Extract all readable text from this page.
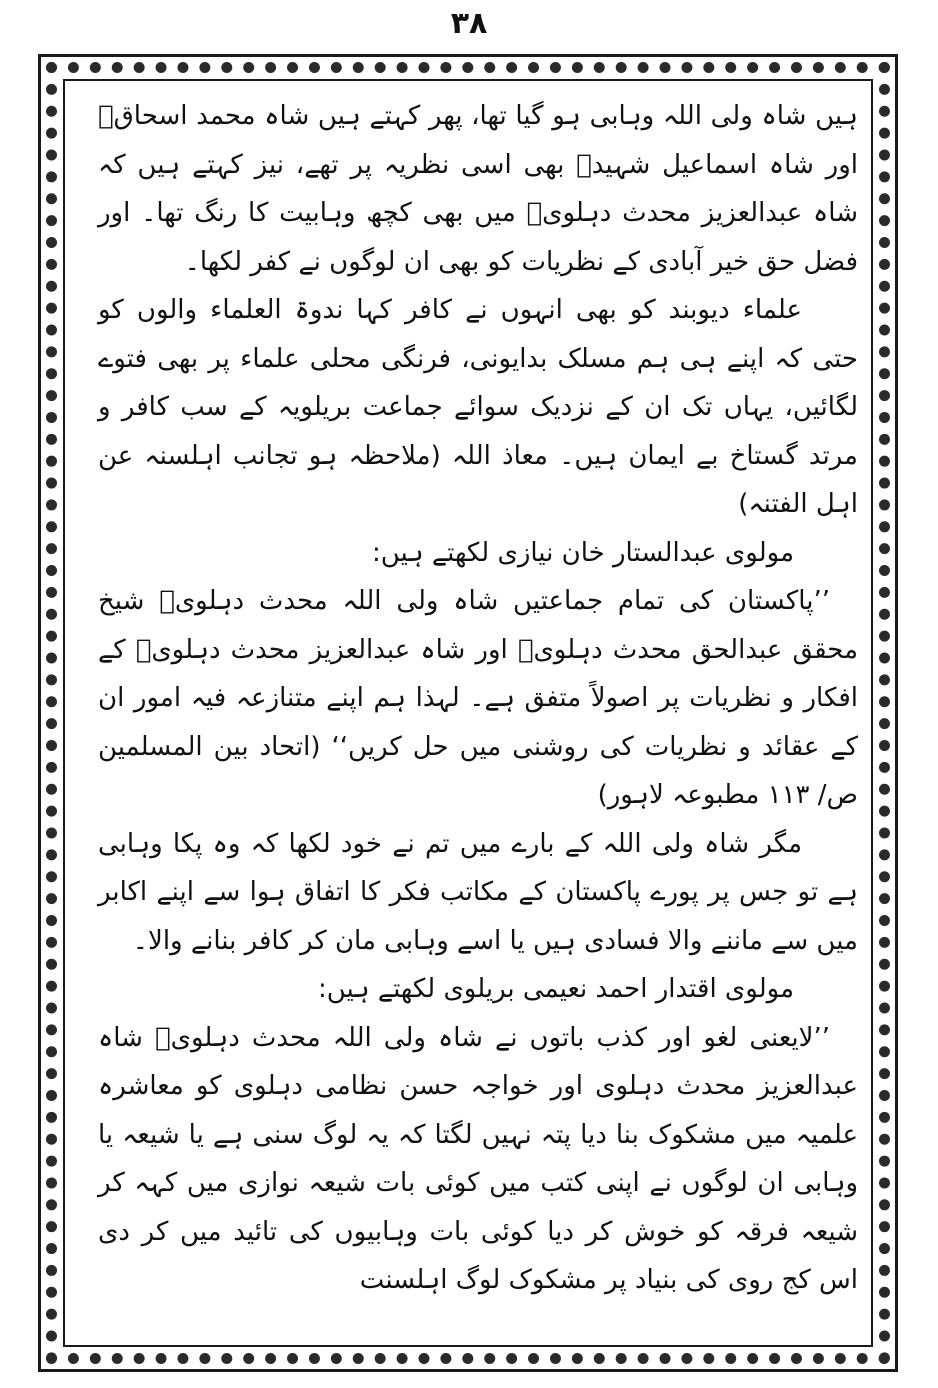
٣٨

ہیں شاہ ولی اللہ وہابی ہو گیا تھا، پھر کہتے ہیں شاہ محمد اسحاقؒ اور شاہ اسماعیل شہیدؒ بھی اسی نظریہ پر تھے، نیز کہتے ہیں کہ شاہ عبدالعزیز محدث دہلویؒ میں بھی کچھ وہابیت کا رنگ تھا۔ اور فضل حق خیر آبادی کے نظریات کو بھی ان لوگوں نے کفر لکھا۔

علماء دیوبند کو بھی انہوں نے کافر کہا ندوۃ العلماء والوں کو حتی کہ اپنے ہی ہم مسلک بدایونی، فرنگی محلی علماء پر بھی فتوے لگائیں، یہاں تک ان کے نزدیک سوائے جماعت بریلویہ کے سب کافر و مرتد گستاخ بے ایمان ہیں۔ معاذ اللہ (ملاحظہ ہو تجانب اہلسنہ عن اہل الفتنہ)

مولوی عبدالستار خان نیازی لکھتے ہیں:

’’پاکستان کی تمام جماعتیں شاہ ولی اللہ محدث دہلویؒ شیخ محقق عبدالحق محدث دہلویؒ اور شاہ عبدالعزیز محدث دہلویؒ کے افکار و نظریات پر اصولاً متفق ہے۔ لہذا ہم اپنے متنازعہ فیہ امور ان کے عقائد و نظریات کی روشنی میں حل کریں‘‘ (اتحاد بین المسلمین ص/ ۱۱۳ مطبوعہ لاہور)

مگر شاہ ولی اللہ کے بارے میں تم نے خود لکھا کہ وہ پکا وہابی ہے تو جس پر پورے پاکستان کے مکاتب فکر کا اتفاق ہوا سے اپنے اکابر میں سے ماننے والا فسادی ہیں یا اسے وہابی مان کر کافر بنانے والا۔

مولوی اقتدار احمد نعیمی بریلوی لکھتے ہیں:

’’لایعنی لغو اور کذب باتوں نے شاہ ولی اللہ محدث دہلویؒ شاہ عبدالعزیز محدث دہلوی اور خواجہ حسن نظامی دہلوی کو معاشرہ علمیہ میں مشکوک بنا دیا پتہ نہیں لگتا کہ یہ لوگ سنی ہے یا شیعہ یا وہابی ان لوگوں نے اپنی کتب میں کوئی بات شیعہ نوازی میں کہہ کر شیعہ فرقہ کو خوش کر دیا کوئی بات وہابیوں کی تائید میں کر دی اس کج روی کی بنیاد پر مشکوک لوگ اہلسنت
